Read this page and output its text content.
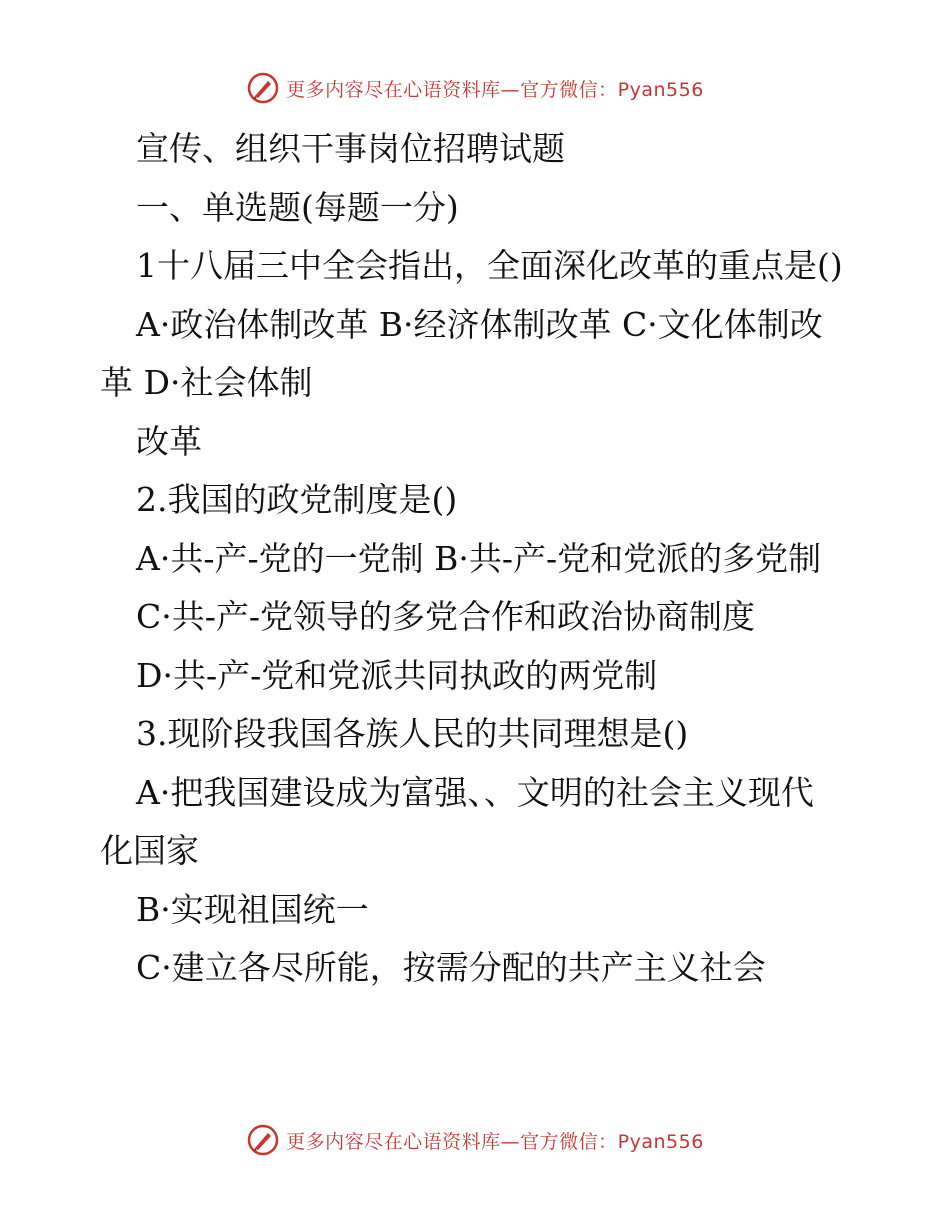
更多内容尽在心语资料库—官方微信：Pyan556

宣传、组织干事岗位招聘试题

一、单选题(每题一分)

1十八届三中全会指出，全面深化改革的重点是()

A·政治体制改革 B·经济体制改革 C·文化体制改革 D·社会体制

改革

2.我国的政党制度是()

A·共-产-党的一党制 B·共-产-党和党派的多党制

C·共-产-党领导的多党合作和政治协商制度

D·共-产-党和党派共同执政的两党制

3.现阶段我国各族人民的共同理想是()

A·把我国建设成为富强、、文明的社会主义现代化国家

B·实现祖国统一

C·建立各尽所能，按需分配的共产主义社会

更多内容尽在心语资料库—官方微信：Pyan556
